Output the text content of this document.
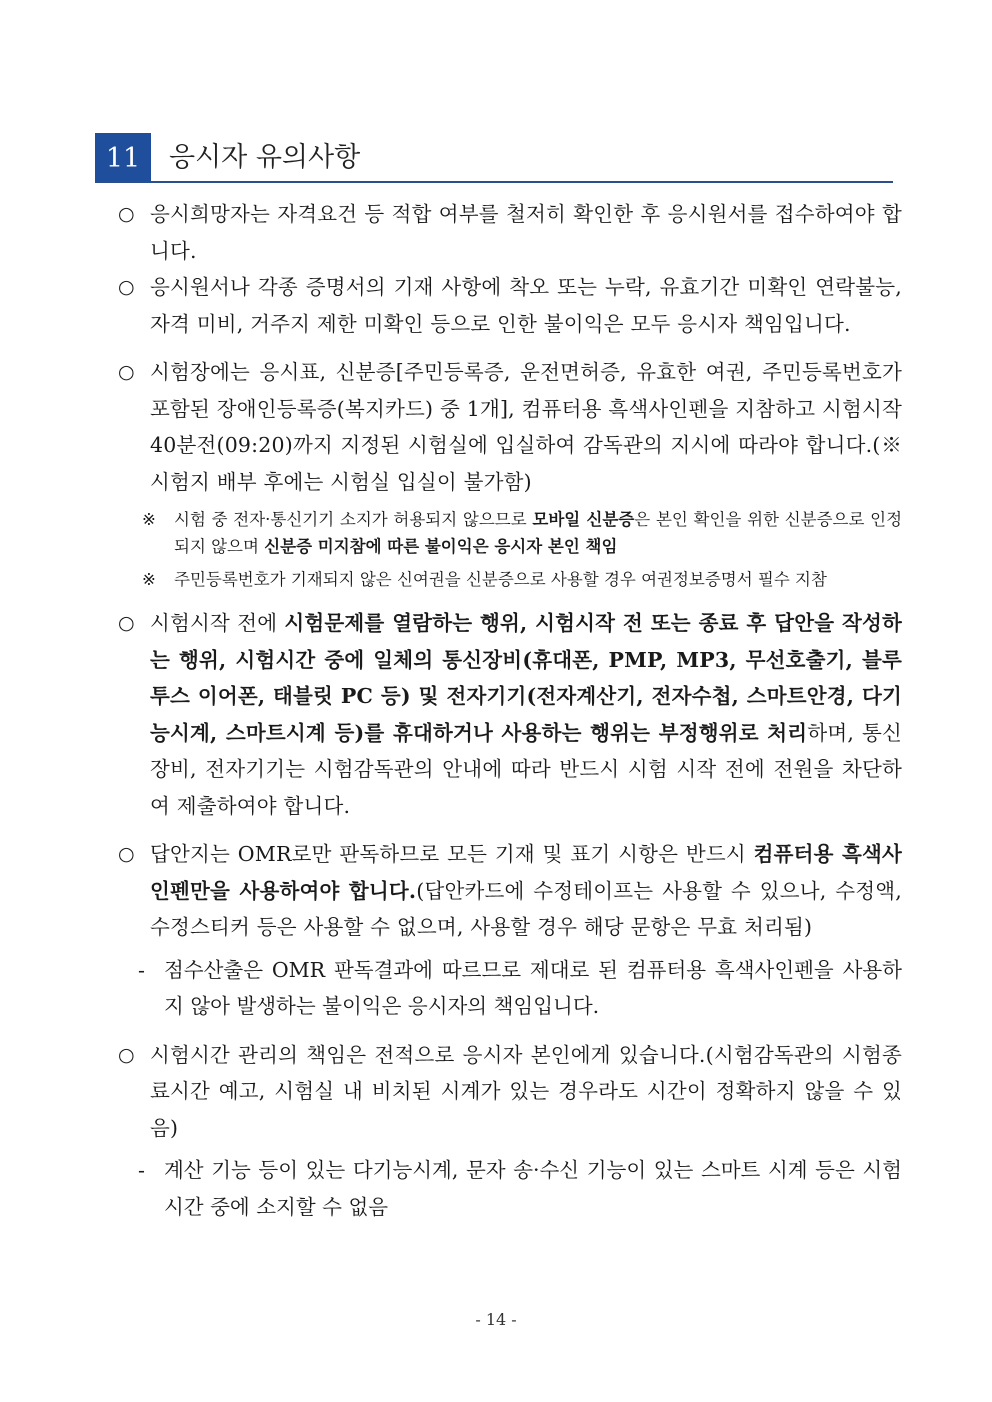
11	응시자 유의사항
○ 응시희망자는 자격요건 등 적합 여부를 철저히 확인한 후 응시원서를 접수하여야 합니다.
○ 응시원서나 각종 증명서의 기재 사항에 착오 또는 누락, 유효기간 미확인 연락불능, 자격 미비, 거주지 제한 미확인 등으로 인한 불이익은 모두 응시자 책임입니다.
○ 시험장에는 응시표, 신분증[주민등록증, 운전면허증, 유효한 여권, 주민등록번호가 포함된 장애인등록증(복지카드) 중 1개], 컴퓨터용 흑색사인펜을 지참하고 시험시작 40분전(09:20)까지 지정된 시험실에 입실하여 감독관의 지시에 따라야 합니다.(※ 시험지 배부 후에는 시험실 입실이 불가함)
※ 시험 중 전자·통신기기 소지가 허용되지 않으므로 모바일 신분증은 본인 확인을 위한 신분증으로 인정되지 않으며 신분증 미지참에 따른 불이익은 응시자 본인 책임
※ 주민등록번호가 기재되지 않은 신여권을 신분증으로 사용할 경우 여권정보증명서 필수 지참
○ 시험시작 전에 시험문제를 열람하는 행위, 시험시작 전 또는 종료 후 답안을 작성하는 행위, 시험시간 중에 일체의 통신장비(휴대폰, PMP, MP3, 무선호출기, 블루투스 이어폰, 태블릿 PC 등) 및 전자기기(전자계산기, 전자수첩, 스마트안경, 다기능시계, 스마트시계 등)를 휴대하거나 사용하는 행위는 부정행위로 처리하며, 통신장비, 전자기기는 시험감독관의 안내에 따라 반드시 시험 시작 전에 전원을 차단하여 제출하여야 합니다.
○ 답안지는 OMR로만 판독하므로 모든 기재 및 표기 시항은 반드시 컴퓨터용 흑색사인펜만을 사용하여야 합니다.(답안카드에 수정테이프는 사용할 수 있으나, 수정액, 수정스티커 등은 사용할 수 없으며, 사용할 경우 해당 문항은 무효 처리됨)
- 점수산출은 OMR 판독결과에 따르므로 제대로 된 컴퓨터용 흑색사인펜을 사용하지 않아 발생하는 불이익은 응시자의 책임입니다.
○ 시험시간 관리의 책임은 전적으로 응시자 본인에게 있습니다.(시험감독관의 시험종료시간 예고, 시험실 내 비치된 시계가 있는 경우라도 시간이 정확하지 않을 수 있음)
- 계산 기능 등이 있는 다기능시계, 문자 송·수신 기능이 있는 스마트 시계 등은 시험시간 중에 소지할 수 없음
- 14 -
